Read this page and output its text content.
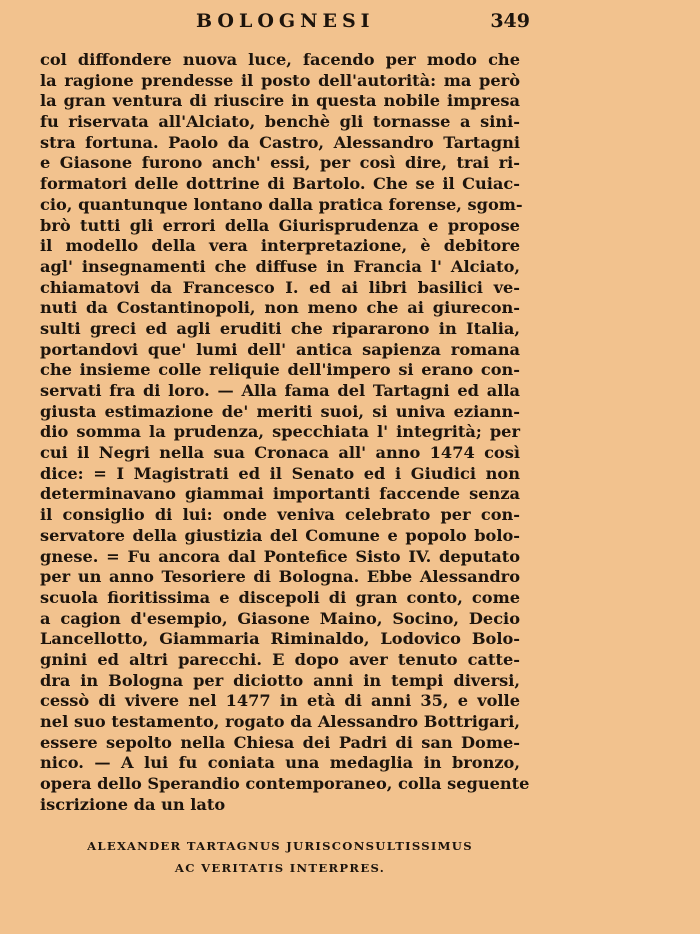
BOLOGNESI	349
col diffondere nuova luce, facendo per modo che
la ragione prendesse il posto dell'autorità: ma però
la gran ventura di riuscire in questa nobile impresa
fu riservata all'Alciato, benchè gli tornasse a sini-
stra fortuna. Paolo da Castro, Alessandro Tartagni
e Giasone furono anch' essi, per così dire, trai ri-
formatori delle dottrine di Bartolo. Che se il Cuiac-
cio, quantunque lontano dalla pratica forense, sgom-
brò tutti gli errori della Giurisprudenza e propose
il modello della vera interpretazione, è debitore
agl' insegnamenti che diffuse in Francia l' Alciato,
chiamatovi da Francesco I. ed ai libri basilici ve-
nuti da Costantinopoli, non meno che ai giurecon-
sulti greci ed agli eruditi che ripararono in Italia,
portandovi que' lumi dell' antica sapienza romana
che insieme colle reliquie dell'impero si erano con-
servati fra di loro. — Alla fama del Tartagni ed alla
giusta estimazione de' meriti suoi, si univa eziann-
dio somma la prudenza, specchiata l' integrità; per
cui il Negri nella sua Cronaca all' anno 1474 così
dice: = I Magistrati ed il Senato ed i Giudici non
determinavano giammai importanti faccende senza
il consiglio di lui: onde veniva celebrato per con-
servatore della giustizia del Comune e popolo bolo-
gnese. = Fu ancora dal Pontefice Sisto IV. deputato
per un anno Tesoriere di Bologna. Ebbe Alessandro
scuola fioritissima e discepoli di gran conto, come
a cagion d'esempio, Giasone Maino, Socino, Decio
Lancellotto, Giammaria Riminaldo, Lodovico Bolo-
gnini ed altri parecchi. E dopo aver tenuto catte-
dra in Bologna per diciotto anni in tempi diversi,
cessò di vivere nel 1477 in età di anni 35, e volle
nel suo testamento, rogato da Alessandro Bottrigari,
essere sepolto nella Chiesa dei Padri di san Dome-
nico. — A lui fu coniata una medaglia in bronzo,
opera dello Sperandio contemporaneo, colla seguente
iscrizione da un lato
ALEXANDER TARTAGNUS JURISCONSULTISSIMUS
AC VERITATIS INTERPRES.
